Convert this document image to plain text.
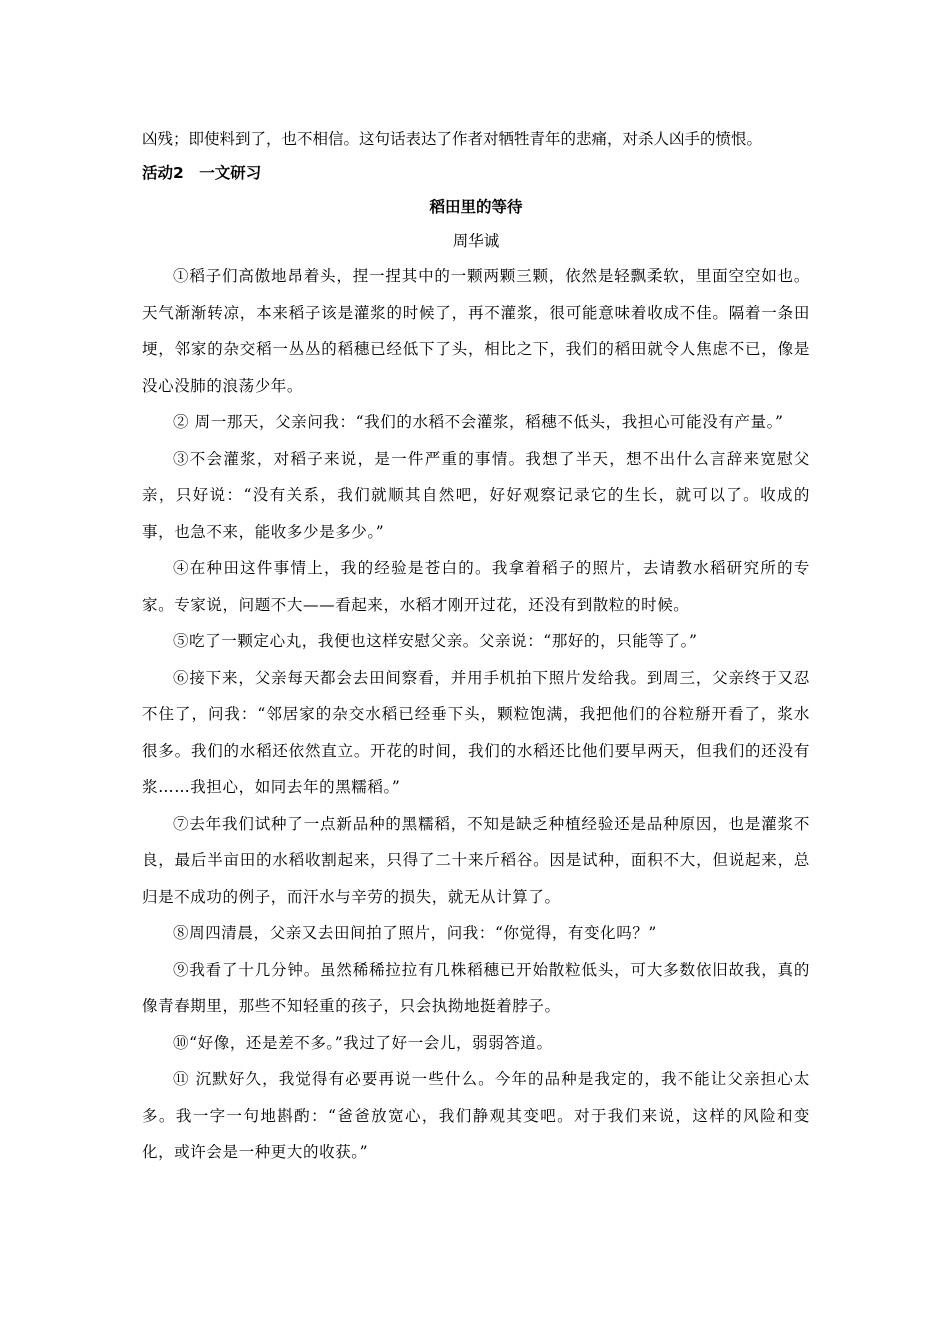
凶残；即使料到了，也不相信。这句话表达了作者对牺牲青年的悲痛，对杀人凶手的愤恨。

活动2　一文研习

稻田里的等待

周华诚

①稻子们高傲地昂着头，捏一捏其中的一颗两颗三颗，依然是轻飘柔软，里面空空如也。天气渐渐转凉，本来稻子该是灌浆的时候了，再不灌浆，很可能意味着收成不佳。隔着一条田埂，邻家的杂交稻一丛丛的稻穗已经低下了头，相比之下，我们的稻田就令人焦虑不已，像是没心没肺的浪荡少年。

② 周一那天，父亲问我：“我们的水稻不会灌浆，稻穗不低头，我担心可能没有产量。”

③不会灌浆，对稻子来说，是一件严重的事情。我想了半天，想不出什么言辞来宽慰父亲，只好说：“没有关系，我们就顺其自然吧，好好观察记录它的生长，就可以了。收成的事，也急不来，能收多少是多少。”

④在种田这件事情上，我的经验是苍白的。我拿着稻子的照片，去请教水稻研究所的专家。专家说，问题不大——看起来，水稻才刚开过花，还没有到散粒的时候。

⑤吃了一颗定心丸，我便也这样安慰父亲。父亲说：“那好的，只能等了。”

⑥接下来，父亲每天都会去田间察看，并用手机拍下照片发给我。到周三，父亲终于又忍不住了，问我：“邻居家的杂交水稻已经垂下头，颗粒饱满，我把他们的谷粒掰开看了，浆水很多。我们的水稻还依然直立。开花的时间，我们的水稻还比他们要早两天，但我们的还没有浆……我担心，如同去年的黑糯稻。”

⑦去年我们试种了一点新品种的黑糯稻，不知是缺乏种植经验还是品种原因，也是灌浆不良，最后半亩田的水稻收割起来，只得了二十来斤稻谷。因是试种，面积不大，但说起来，总归是不成功的例子，而汗水与辛劳的损失，就无从计算了。

⑧周四清晨，父亲又去田间拍了照片，问我：“你觉得，有变化吗？”

⑨我看了十几分钟。虽然稀稀拉拉有几株稻穗已开始散粒低头，可大多数依旧故我，真的像青春期里，那些不知轻重的孩子，只会执拗地挺着脖子。

⑩“好像，还是差不多。”我过了好一会儿，弱弱答道。

⑪ 沉默好久，我觉得有必要再说一些什么。今年的品种是我定的，我不能让父亲担心太多。我一字一句地斟酌：“爸爸放宽心，我们静观其变吧。对于我们来说，这样的风险和变化，或许会是一种更大的收获。”
